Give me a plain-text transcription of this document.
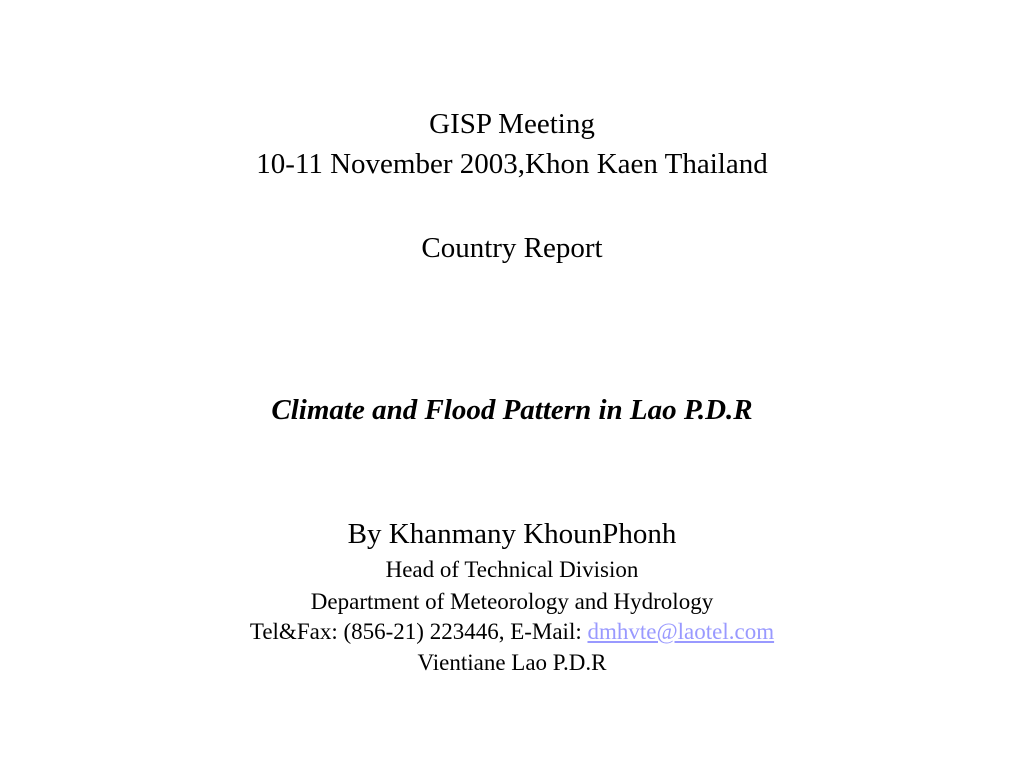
GISP Meeting
10-11 November 2003,Khon Kaen Thailand
Country Report
Climate and Flood Pattern in Lao P.D.R
By Khanmany KhounPhonh
Head of Technical Division
Department of Meteorology and Hydrology
Tel&Fax: (856-21) 223446, E-Mail: dmhvte@laotel.com
Vientiane Lao P.D.R
